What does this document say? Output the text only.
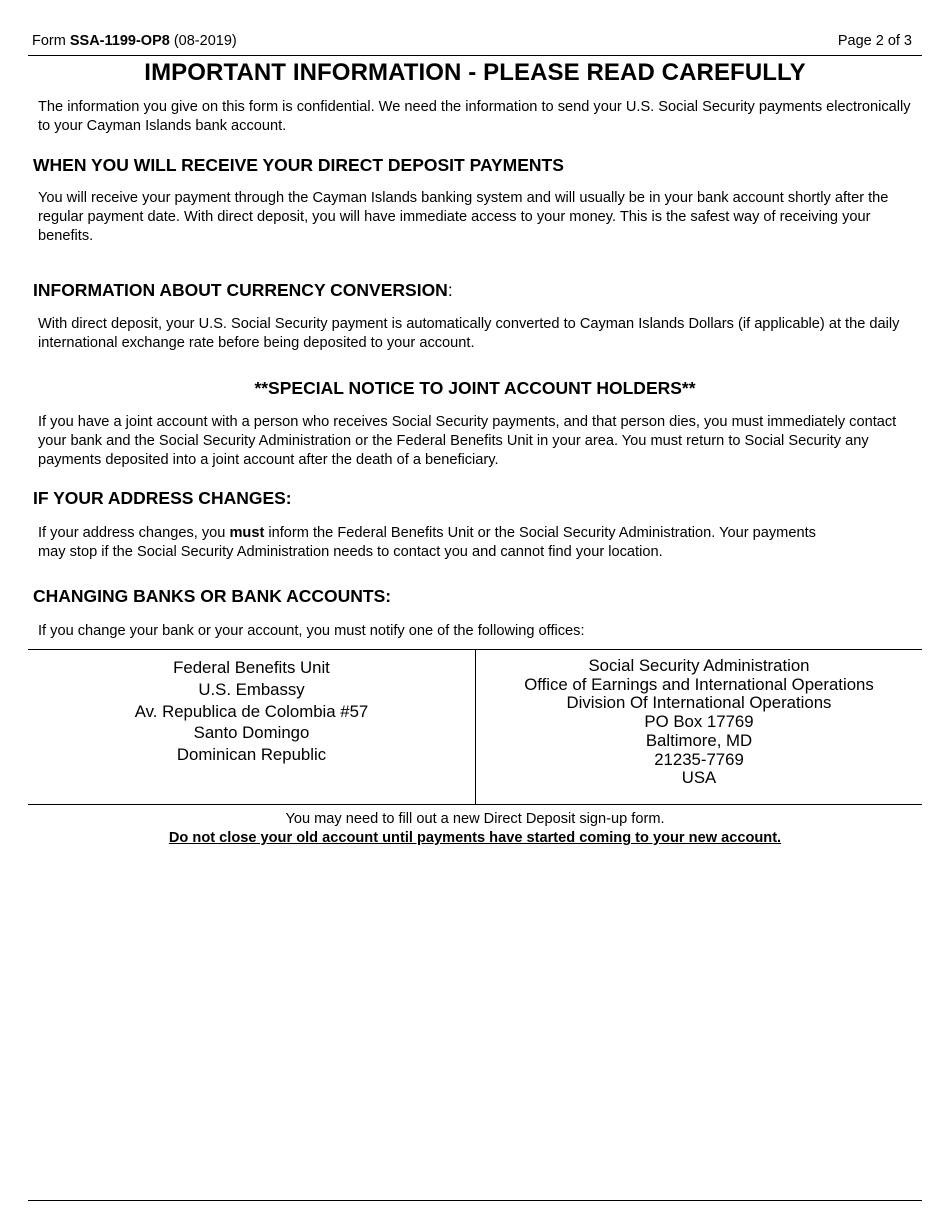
Form SSA-1199-OP8 (08-2019)	Page 2 of 3
IMPORTANT INFORMATION - PLEASE READ CAREFULLY
The information you give on this form is confidential. We need the information to send your U.S. Social Security payments electronically to your Cayman Islands bank account.
WHEN YOU WILL RECEIVE YOUR DIRECT DEPOSIT PAYMENTS
You will receive your payment through the Cayman Islands banking system and will usually be in your bank account shortly after the regular payment date. With direct deposit, you will have immediate access to your money. This is the safest way of receiving your benefits.
INFORMATION ABOUT CURRENCY CONVERSION:
With direct deposit, your U.S. Social Security payment is automatically converted to Cayman Islands Dollars (if applicable) at the daily international exchange rate before being deposited to your account.
**SPECIAL NOTICE TO JOINT ACCOUNT HOLDERS**
If you have a joint account with a person who receives Social Security payments, and that person dies, you must immediately contact your bank and the Social Security Administration or the Federal Benefits Unit in your area. You must return to Social Security any payments deposited into a joint account after the death of a beneficiary.
IF YOUR ADDRESS CHANGES:
If your address changes, you must inform the Federal Benefits Unit or the Social Security Administration. Your payments may stop if the Social Security Administration needs to contact you and cannot find your location.
CHANGING BANKS OR BANK ACCOUNTS:
If you change your bank or your account, you must notify one of the following offices:
Federal Benefits Unit
U.S. Embassy
Av. Republica de Colombia #57
Santo Domingo
Dominican Republic
Social Security Administration
Office of Earnings and International Operations
Division Of International Operations
PO Box 17769
Baltimore, MD
21235-7769
USA
You may need to fill out a new Direct Deposit sign-up form.
Do not close your old account until payments have started coming to your new account.
